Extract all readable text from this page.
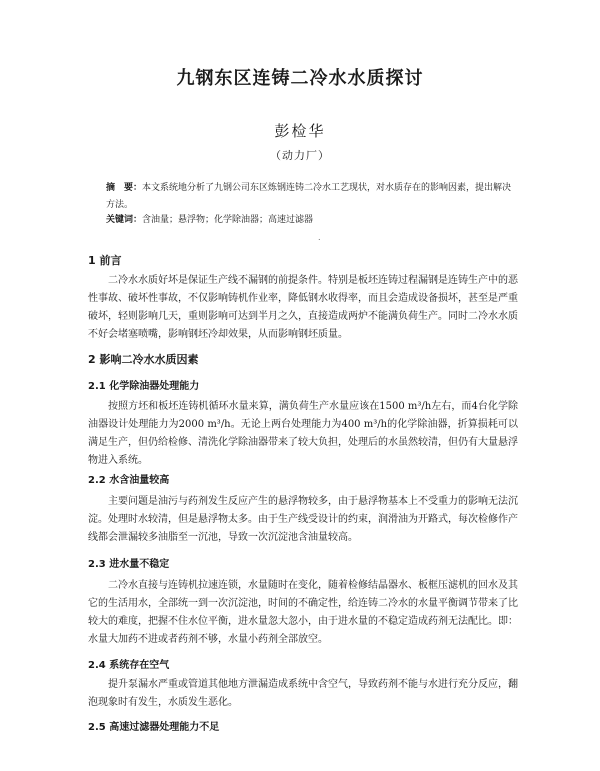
九钢东区连铸二冷水水质探讨
彭检华
（动力厂）
摘　要：本文系统地分析了九钢公司东区炼钢连铸二冷水工艺现状，对水质存在的影响因素，提出解决方法。
关键词：含油量；悬浮物；化学除油器；高速过滤器
.
1 前言
二冷水水质好坏是保证生产线不漏钢的前提条件。特别是板坯连铸过程漏钢是连铸生产中的恶性事故、破坏性事故，不仅影响铸机作业率，降低钢水收得率，而且会造成设备损坏，甚至是严重破坏，轻则影响几天，重则影响可达到半月之久，直接造成两炉不能满负荷生产。同时二冷水水质不好会堵塞喷嘴，影响钢坯冷却效果，从而影响钢坯质量。
2 影响二冷水水质因素
2.1 化学除油器处理能力
按照方坯和板坯连铸机循环水量来算，满负荷生产水量应该在1500 m³/h左右，而4台化学除油器设计处理能力为2000 m³/h。无论上两台处理能力为400 m³/h的化学除油器，折算损耗可以满足生产，但仍给检修、清洗化学除油器带来了较大负担，处理后的水虽然较清，但仍有大量悬浮物进入系统。
2.2 水含油量较高
主要问题是油污与药剂发生反应产生的悬浮物较多，由于悬浮物基本上不受重力的影响无法沉淀。处理时水较清，但是悬浮物太多。由于生产线受设计的约束，润滑油为开路式，每次检修作产线都会泄漏较多油脂至一沉池，导致一次沉淀池含油量较高。
2.3 进水量不稳定
二冷水直接与连铸机拉速连锁，水量随时在变化，随着检修结晶器水、板框压滤机的回水及其它的生活用水，全部统一到一次沉淀池，时间的不确定性，给连铸二冷水的水量平衡调节带来了比较大的难度，把握不住水位平衡，进水量忽大忽小，由于进水量的不稳定造成药剂无法配比。即：水量大加药不进或者药剂不够，水量小药剂全部放空。
2.4 系统存在空气
提升泵漏水严重或管道其他地方泄漏造成系统中含空气，导致药剂不能与水进行充分反应，翻泡现象时有发生，水质发生恶化。
2.5 高速过滤器处理能力不足
